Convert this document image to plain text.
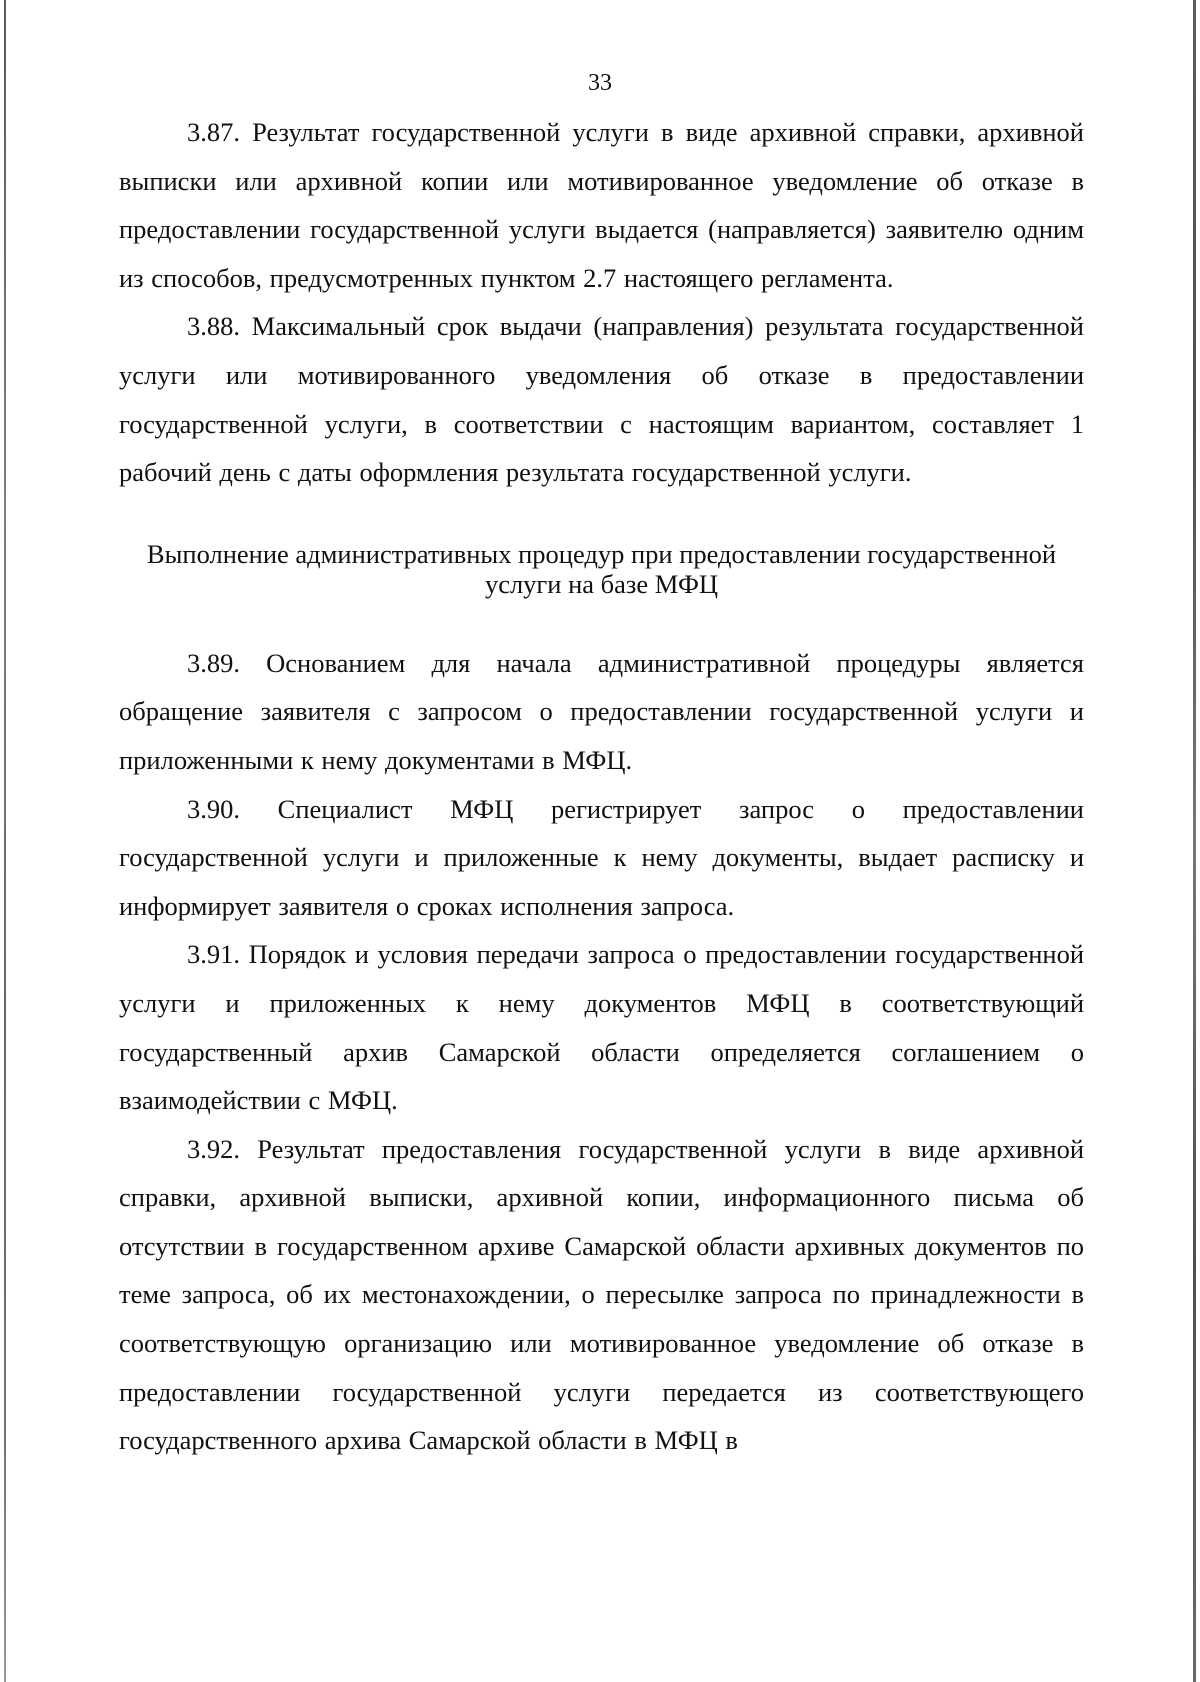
33

3.87. Результат государственной услуги в виде архивной справки, архивной выписки или архивной копии или мотивированное уведомление об отказе в предоставлении государственной услуги выдается (направляется) заявителю одним из способов, предусмотренных пунктом 2.7 настоящего регламента.

3.88. Максимальный срок выдачи (направления) результата государственной услуги или мотивированного уведомления об отказе в предоставлении государственной услуги, в соответствии с настоящим вариантом, составляет 1 рабочий день с даты оформления результата государственной услуги.

Выполнение административных процедур при предоставлении государственной
услуги на базе МФЦ

3.89. Основанием для начала административной процедуры является обращение заявителя с запросом о предоставлении государственной услуги и приложенными к нему документами в МФЦ.

3.90. Специалист МФЦ регистрирует запрос о предоставлении государственной услуги и приложенные к нему документы, выдает расписку и информирует заявителя о сроках исполнения запроса.

3.91. Порядок и условия передачи запроса о предоставлении государственной услуги и приложенных к нему документов МФЦ в соответствующий государственный архив Самарской области определяется соглашением о взаимодействии с МФЦ.

3.92. Результат предоставления государственной услуги в виде архивной справки, архивной выписки, архивной копии, информационного письма об отсутствии в государственном архиве Самарской области архивных документов по теме запроса, об их местонахождении, о пересылке запроса по принадлежности в соответствующую организацию или мотивированное уведомление об отказе в предоставлении государственной услуги передается из соответствующего государственного архива Самарской области в МФЦ в
